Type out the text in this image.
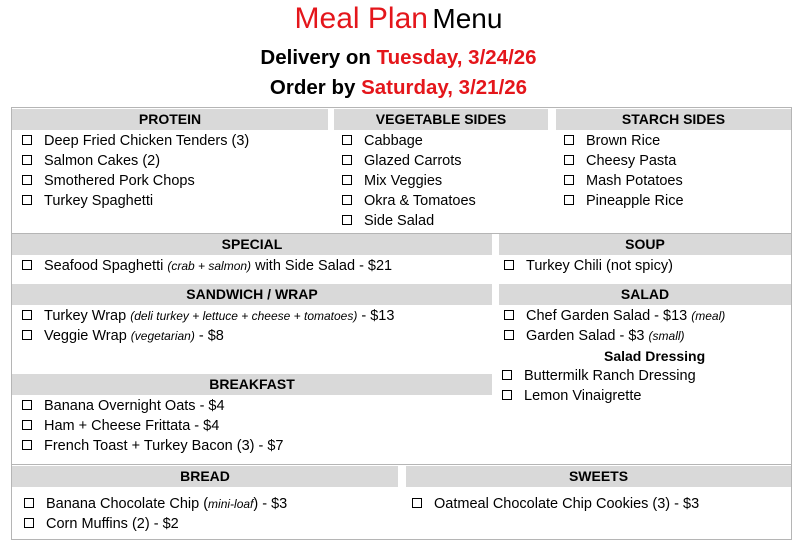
Meal Plan Menu
Delivery on Tuesday, 3/24/26
Order by Saturday, 3/21/26
PROTEIN
Deep Fried Chicken Tenders (3)
Salmon Cakes (2)
Smothered Pork Chops
Turkey Spaghetti
VEGETABLE SIDES
Cabbage
Glazed Carrots
Mix Veggies
Okra & Tomatoes
Side Salad
STARCH SIDES
Brown Rice
Cheesy Pasta
Mash Potatoes
Pineapple Rice
SPECIAL
Seafood Spaghetti (crab + salmon) with Side Salad - $21
SOUP
Turkey Chili (not spicy)
SANDWICH / WRAP
Turkey Wrap (deli turkey + lettuce + cheese + tomatoes) - $13
Veggie Wrap (vegetarian) - $8
SALAD
Chef Garden Salad - $13 (meal)
Garden Salad - $3 (small)
Salad Dressing
Buttermilk Ranch Dressing
Lemon Vinaigrette
BREAKFAST
Banana Overnight Oats - $4
Ham + Cheese Frittata - $4
French Toast + Turkey Bacon (3) - $7
BREAD
Banana Chocolate Chip (mini-loaf) - $3
Corn Muffins (2) - $2
SWEETS
Oatmeal Chocolate Chip Cookies (3) - $3
